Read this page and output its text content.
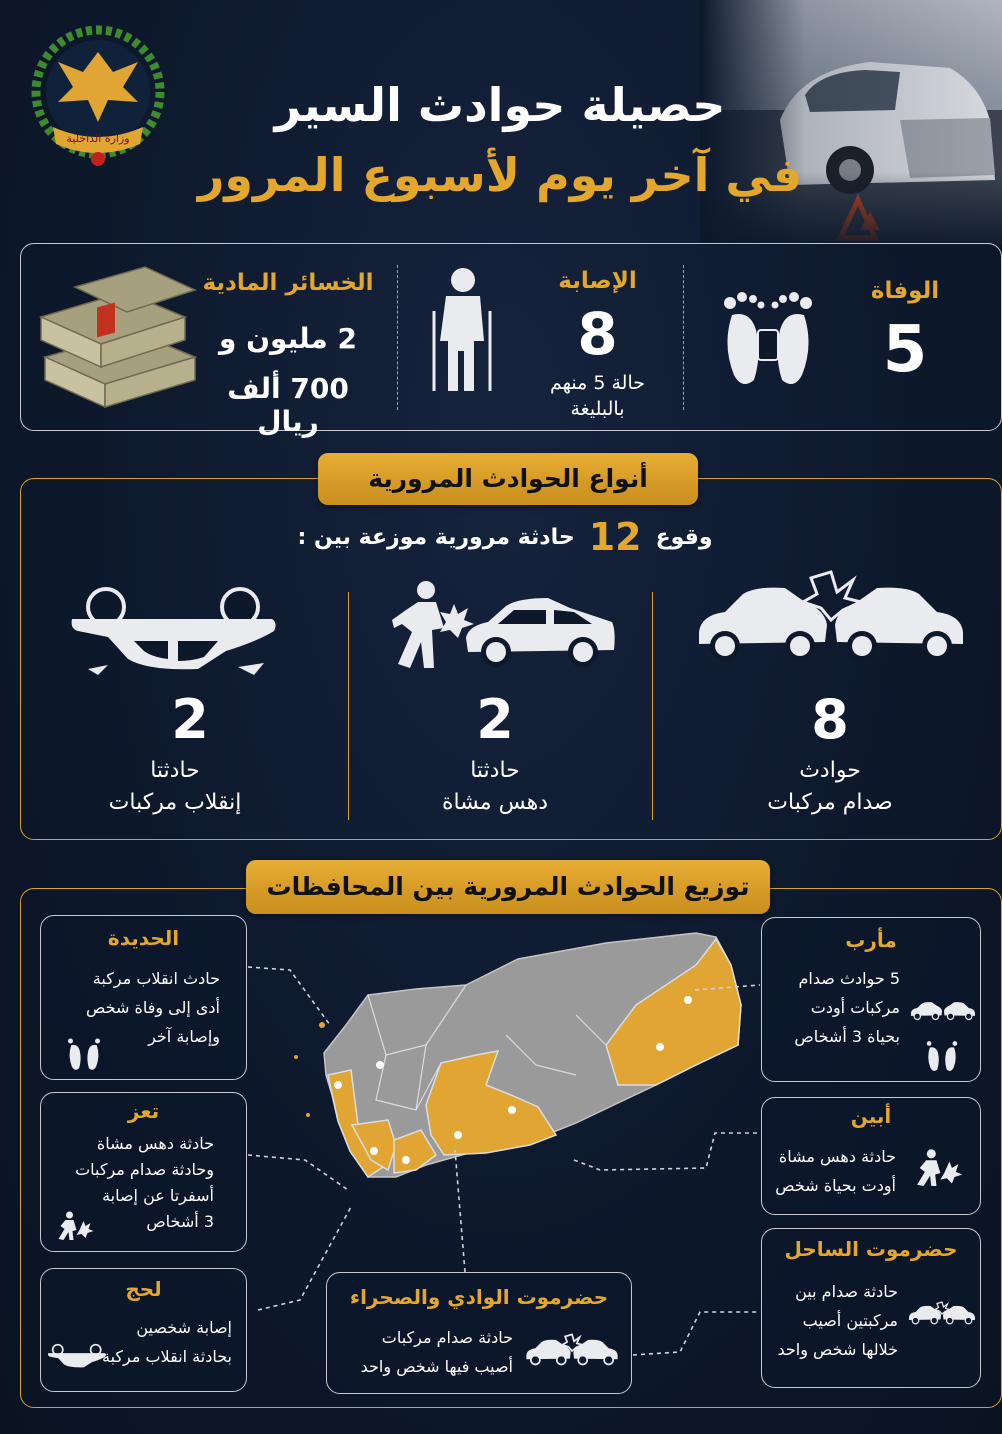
وزارة الداخلية
حصيلة حوادث السير
في آخر يوم لأسبوع المرور
الوفاة
5
الإصابة
8
حالة 5 منهم
بالبليغة
الخسائر المادية
2 مليون و
700 ألف ريال
أنواع الحوادث المرورية
وقوع
12
حادثة مرورية موزعة بين :
8
حوادث
صدام مركبات
2
حادثتا
دهس مشاة
2
حادثتا
إنقلاب مركبات
توزيع الحوادث المرورية بين المحافظات
الحديدة
حادث انقلاب مركبة
أدى إلى وفاة شخص
وإصابة آخر
تعز
حادثة دهس مشاة
وحادثة صدام مركبات
أسفرتا عن إصابة
3 أشخاص
لحج
إصابة شخصين
بحادثة انقلاب مركبة
حضرموت الوادي والصحراء
حادثة صدام مركبات
أصيب فيها شخص واحد
مأرب
5 حوادث صدام
مركبات أودت
بحياة 3 أشخاص
أبين
حادثة دهس مشاة
أودت بحياة شخص
حضرموت الساحل
حادثة صدام بين
مركبتين أصيب
خلالها شخص واحد
